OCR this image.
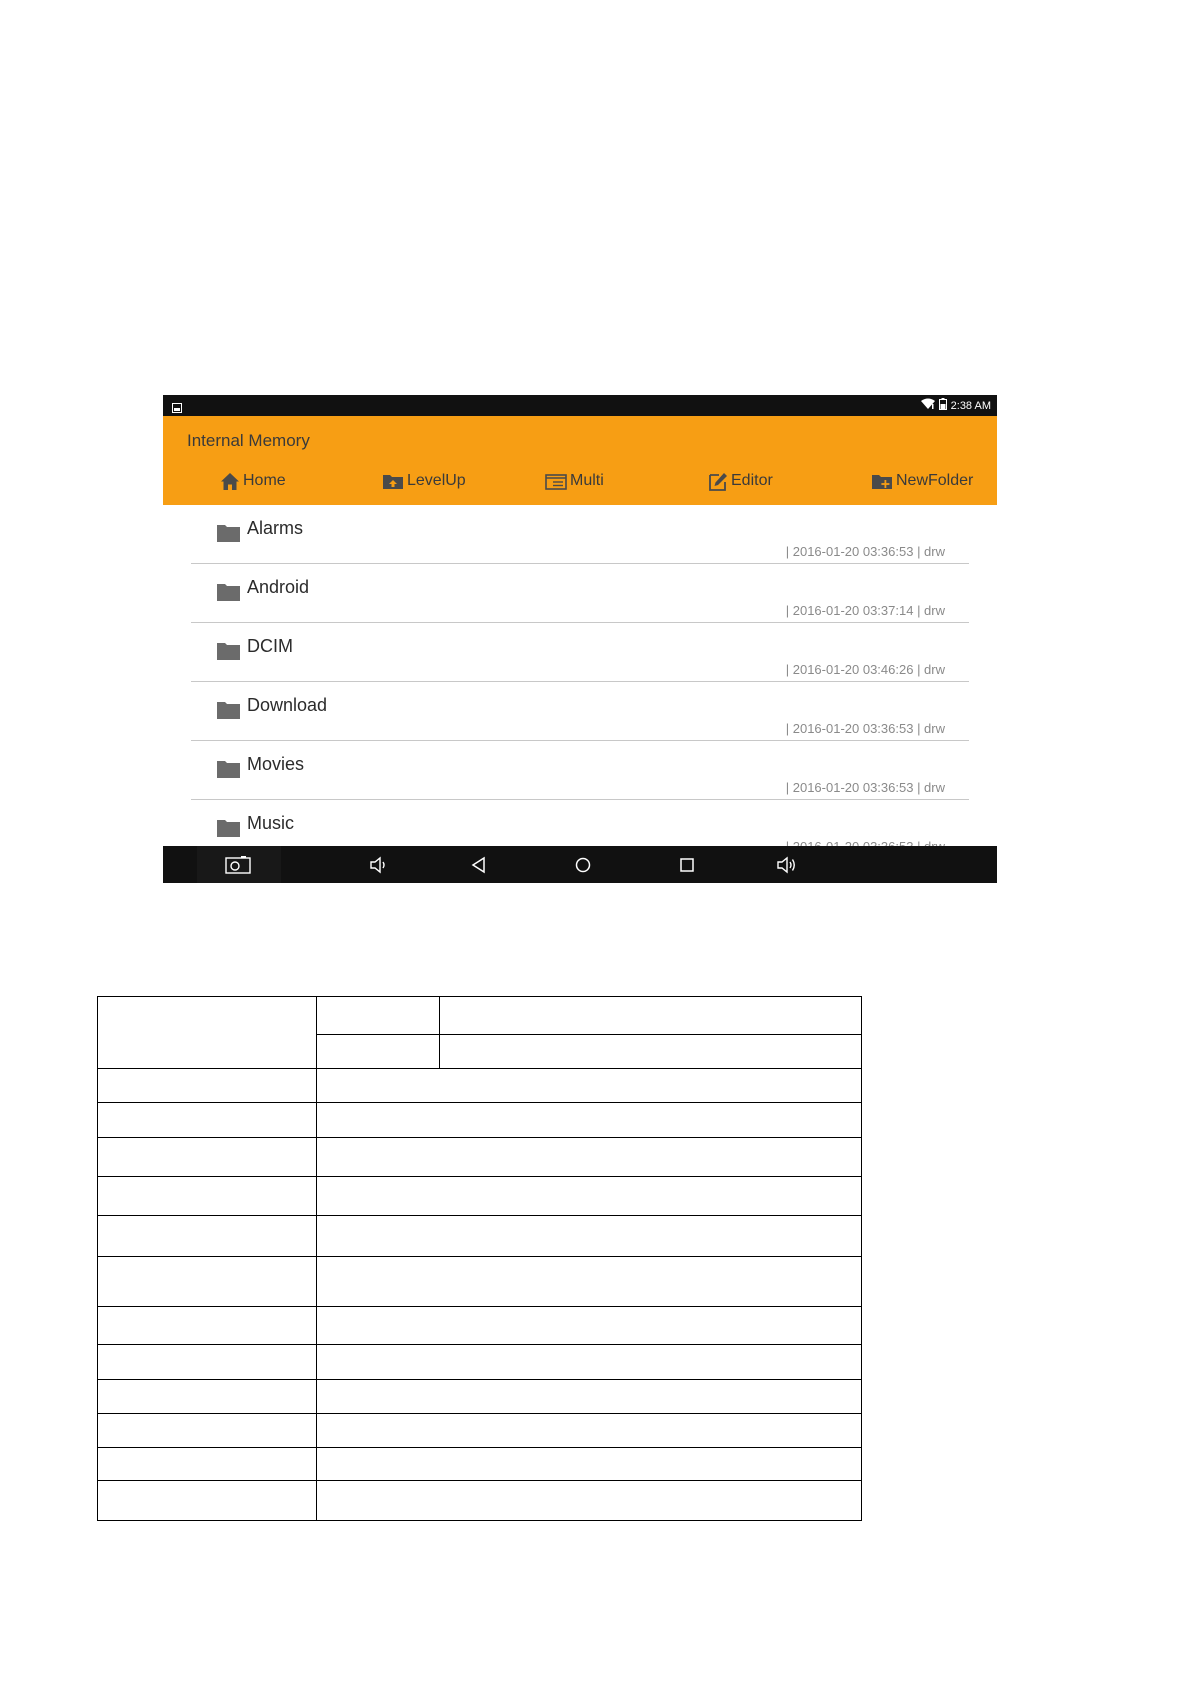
2:38 AM
Internal Memory
Home	LevelUp	Multi	Editor	NewFolder
Alarms
| 2016-01-20 03:36:53 | drw
Android
| 2016-01-20 03:37:14 | drw
DCIM
| 2016-01-20 03:46:26 | drw
Download
| 2016-01-20 03:36:53 | drw
Movies
| 2016-01-20 03:36:53 | drw
Music
